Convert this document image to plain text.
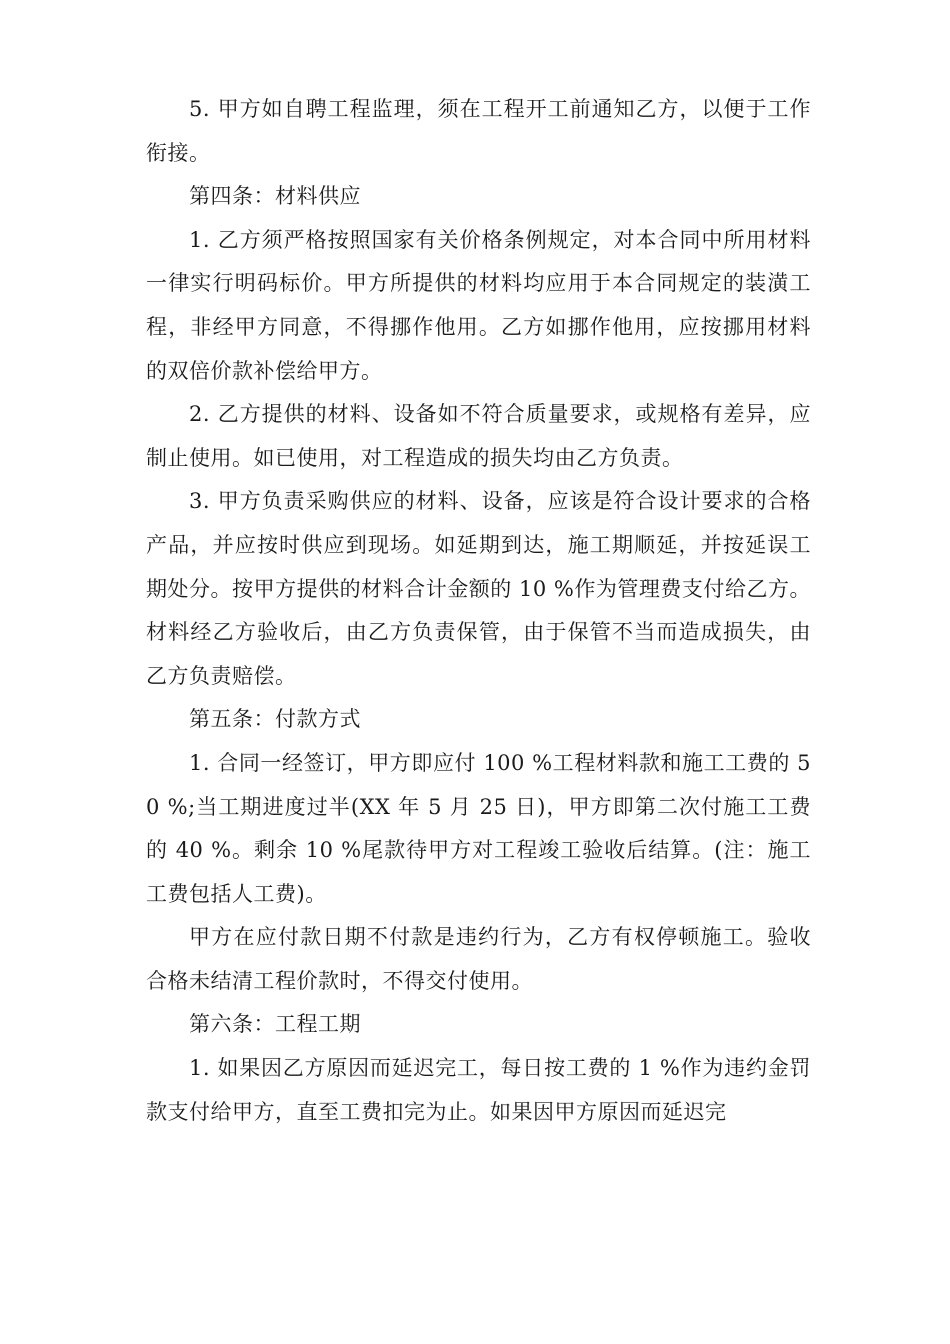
5. 甲方如自聘工程监理，须在工程开工前通知乙方，以便于工作衔接。

第四条：材料供应

1. 乙方须严格按照国家有关价格条例规定，对本合同中所用材料一律实行明码标价。甲方所提供的材料均应用于本合同规定的装潢工程，非经甲方同意，不得挪作他用。乙方如挪作他用，应按挪用材料的双倍价款补偿给甲方。

2. 乙方提供的材料、设备如不符合质量要求，或规格有差异，应制止使用。如已使用，对工程造成的损失均由乙方负责。

3. 甲方负责采购供应的材料、设备，应该是符合设计要求的合格产品，并应按时供应到现场。如延期到达，施工期顺延，并按延误工期处分。按甲方提供的材料合计金额的 10 %作为管理费支付给乙方。材料经乙方验收后，由乙方负责保管，由于保管不当而造成损失，由乙方负责赔偿。

第五条：付款方式

1. 合同一经签订，甲方即应付 100 %工程材料款和施工工费的 50 %;当工期进度过半(XX 年 5 月 25 日)，甲方即第二次付施工工费的 40 %。剩余 10 %尾款待甲方对工程竣工验收后结算。(注：施工工费包括人工费)。

甲方在应付款日期不付款是违约行为，乙方有权停顿施工。验收合格未结清工程价款时，不得交付使用。

第六条：工程工期

1. 如果因乙方原因而延迟完工，每日按工费的 1 %作为违约金罚款支付给甲方，直至工费扣完为止。如果因甲方原因而延迟完
